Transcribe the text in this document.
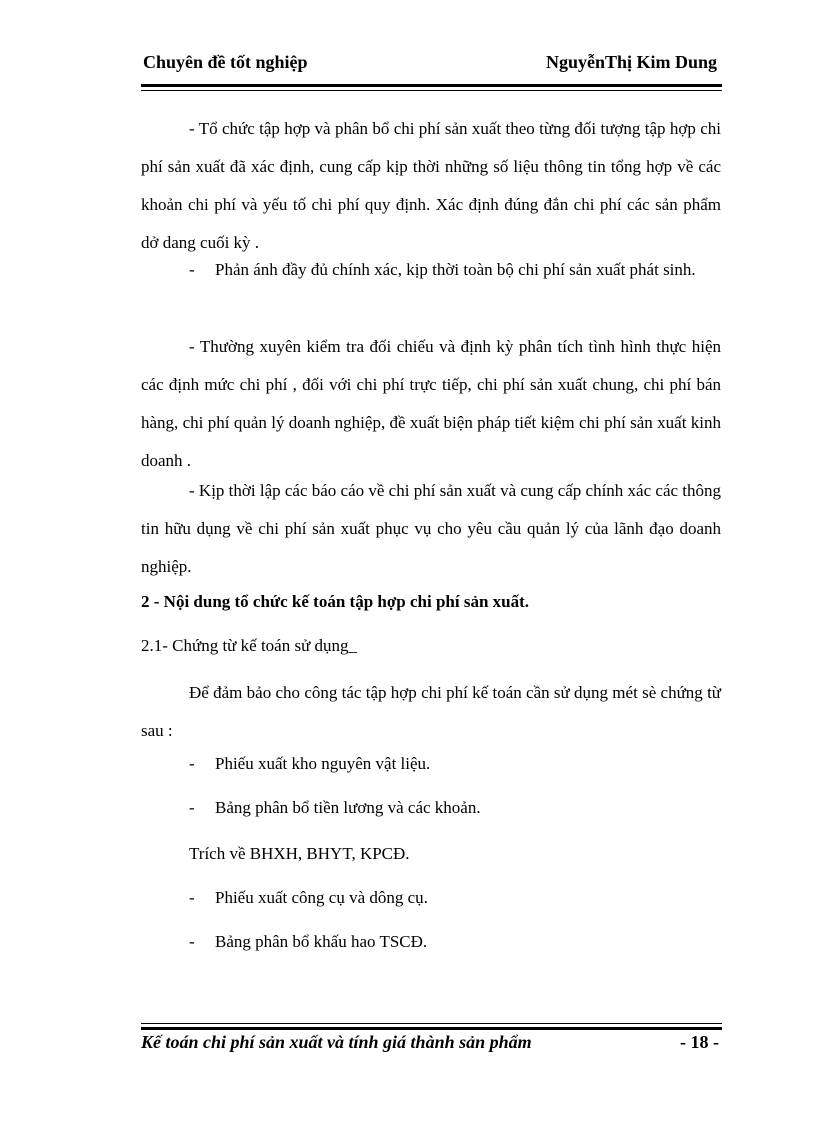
Chuyên đề tốt nghiệp	NguyễnThị Kim Dung
- Tổ chức tập hợp và phân bổ chi phí sản xuất theo từng đối tượng tập hợp chi phí sản xuất đã xác định, cung cấp kịp thời những số liệu thông tin tổng hợp về các khoản chi phí và yếu tố chi phí quy định. Xác định đúng đắn chi phí các sản phẩm dở dang cuối kỳ .
- Phản ánh đầy đủ chính xác, kịp thời toàn bộ chi phí sản xuất phát sinh.
- Thường xuyên kiểm tra đối chiếu và định kỳ phân tích tình hình thực hiện các định mức chi phí , đối với chi phí trực tiếp, chi phí sản xuất chung, chi phí bán hàng, chi phí quản lý doanh nghiệp, đề xuất biện pháp tiết kiệm chi phí sản xuất kinh doanh .
- Kịp thời lập các báo cáo về chi phí sản xuất và cung cấp chính xác các thông tin hữu dụng về chi phí sản xuất phục vụ cho yêu cầu quản lý của lãnh đạo doanh nghiệp.
2 - Nội dung tổ chức kế toán tập hợp chi phí sản xuất.
2.1- Chứng từ kế toán sử dụng_
Để đảm bảo cho công tác tập hợp chi phí kế toán cần sử dụng mét sè chứng từ sau :
- Phiếu xuất kho nguyên vật liệu.
- Bảng phân bổ tiền lương và các khoản.
Trích về BHXH, BHYT, KPCĐ.
- Phiếu xuất công cụ và dông cụ.
- Bảng phân bổ khấu hao TSCĐ.
Kế toán chi phí sản xuất và tính giá thành sản phẩm	- 18 -
